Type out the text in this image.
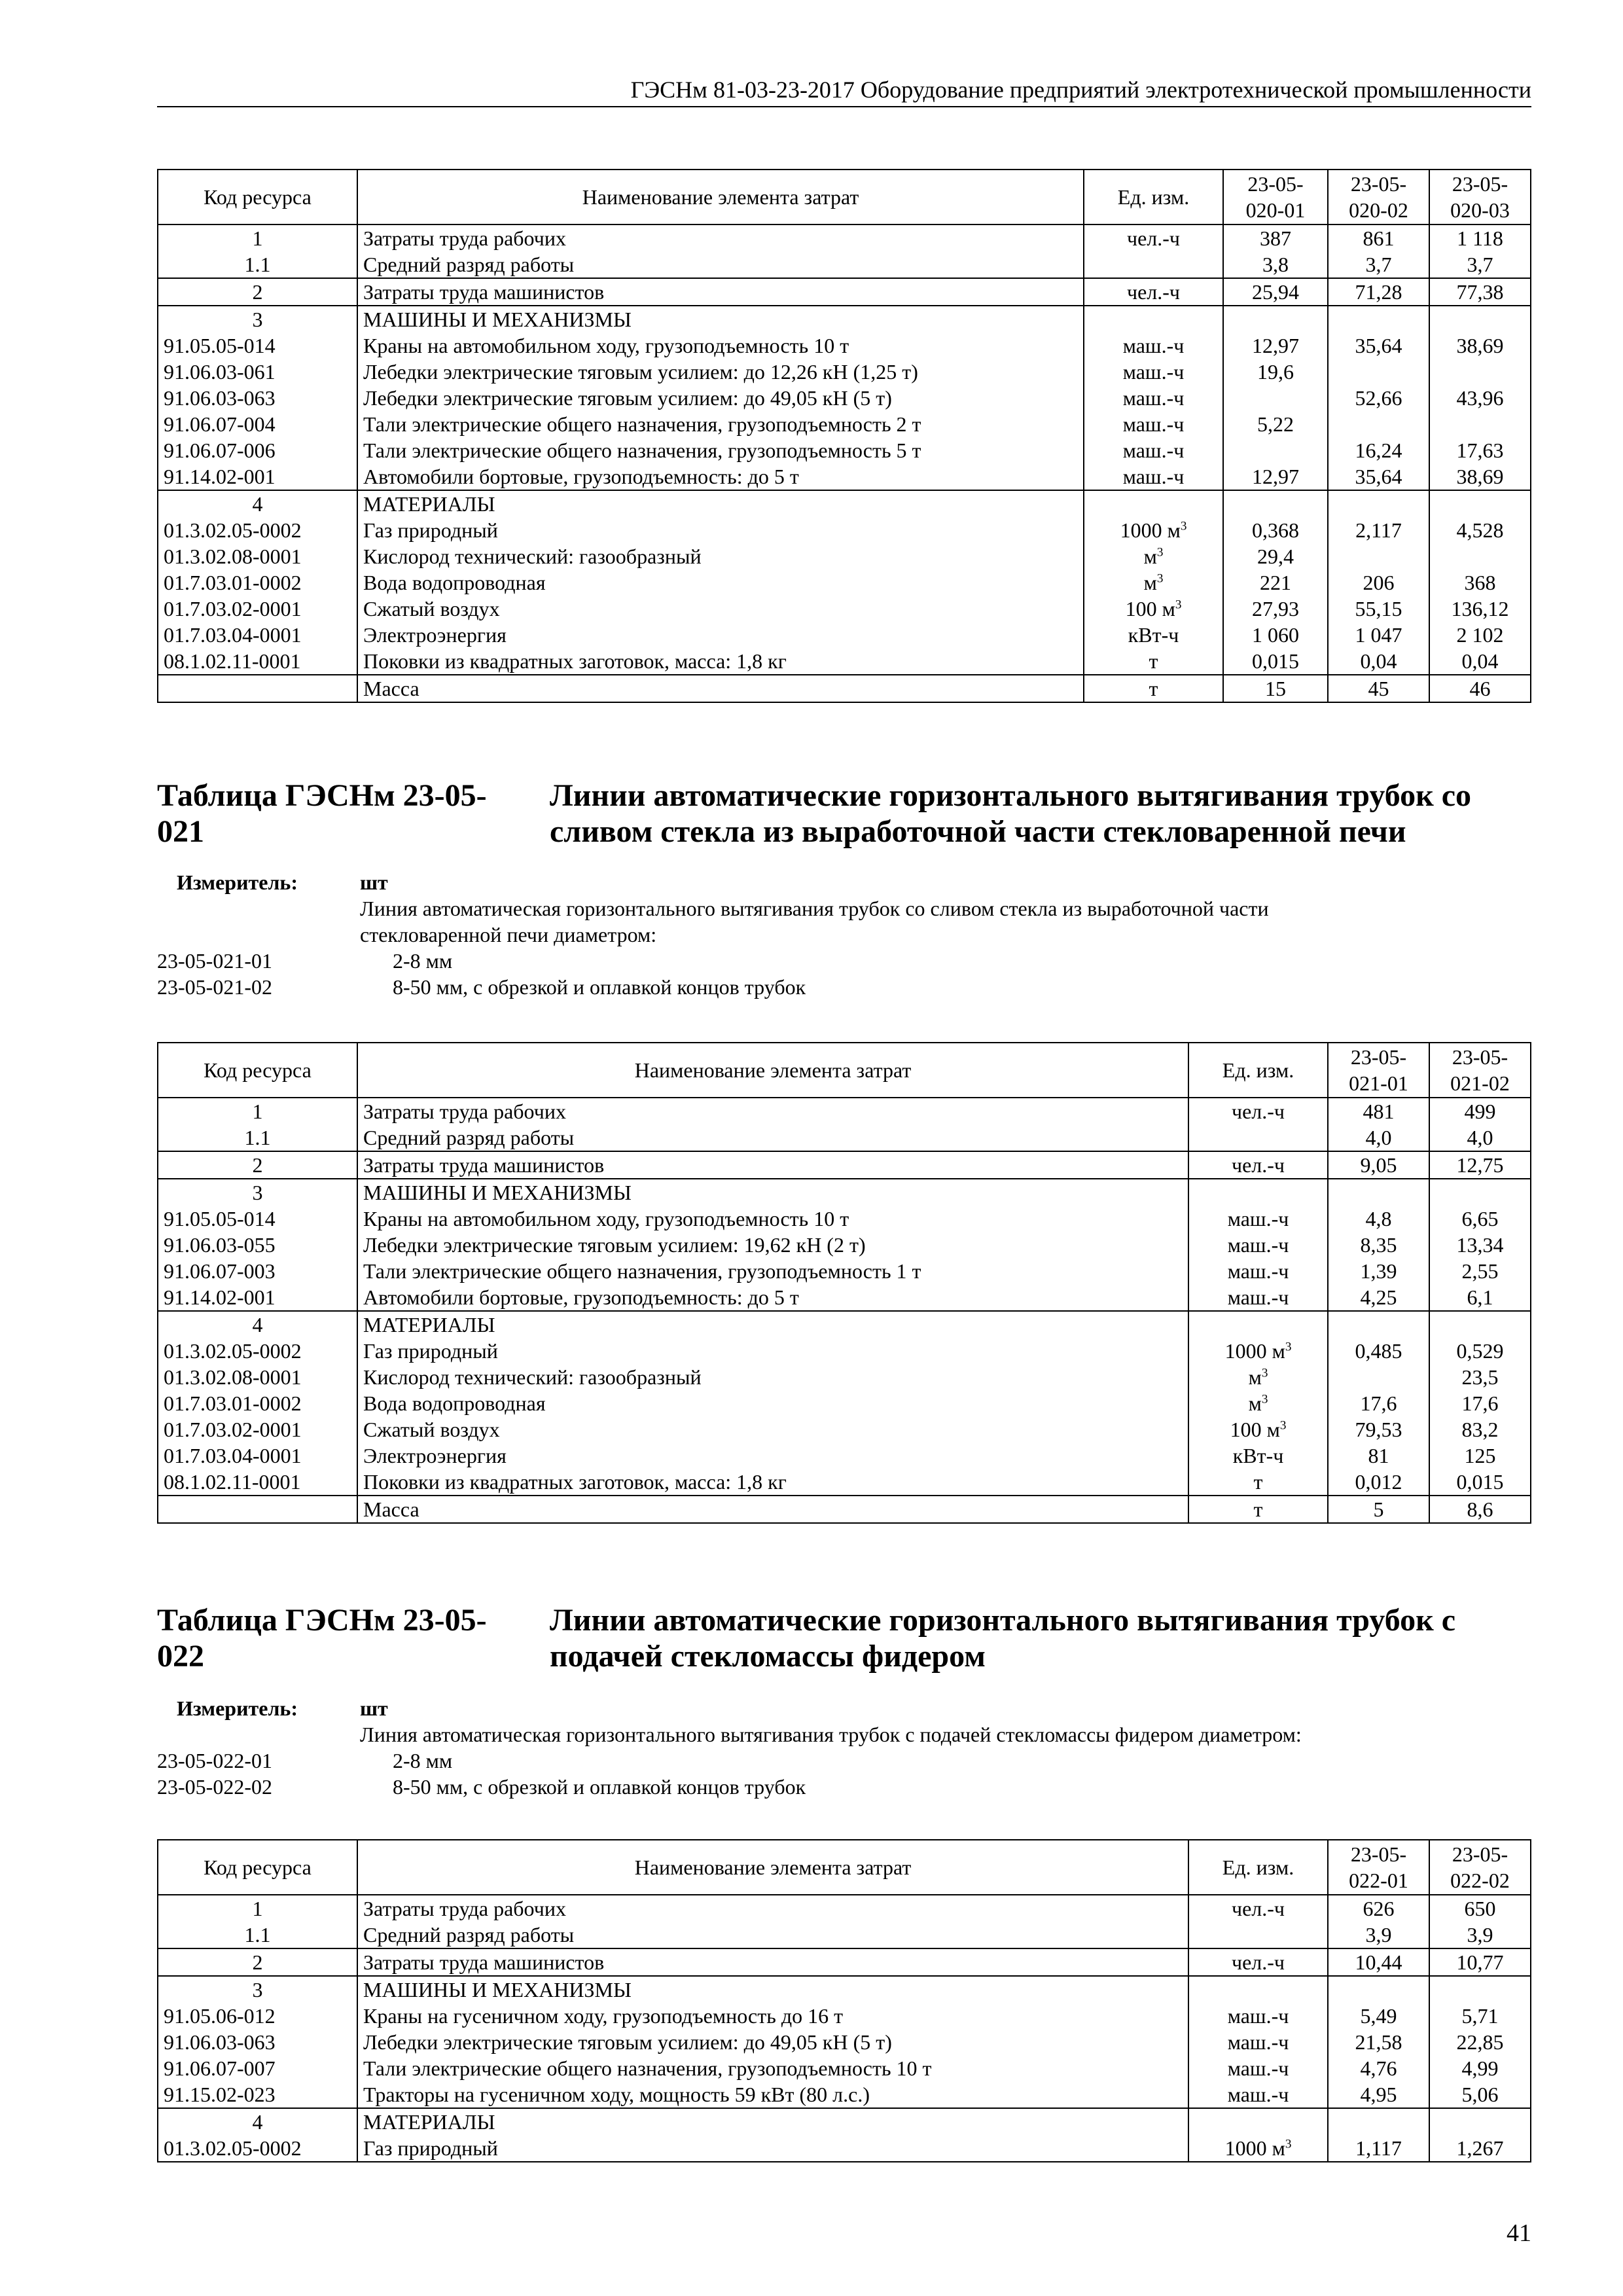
ГЭСНм 81-03-23-2017 Оборудование предприятий электротехнической промышленности
Код ресурса	Наименование элемента затрат	Ед. изм.	23-05-020-01	23-05-020-02	23-05-020-03
1	Затраты труда рабочих	чел.-ч	387	861	1 118
1.1	Средний разряд работы		3,8	3,7	3,7
2	Затраты труда машинистов	чел.-ч	25,94	71,28	77,38
3	МАШИНЫ И МЕХАНИЗМЫ				
91.05.05-014	Краны на автомобильном ходу, грузоподъемность 10 т	маш.-ч	12,97	35,64	38,69
91.06.03-061	Лебедки электрические тяговым усилием: до 12,26 кН (1,25 т)	маш.-ч	19,6		
91.06.03-063	Лебедки электрические тяговым усилием: до 49,05 кН (5 т)	маш.-ч		52,66	43,96
91.06.07-004	Тали электрические общего назначения, грузоподъемность 2 т	маш.-ч	5,22		
91.06.07-006	Тали электрические общего назначения, грузоподъемность 5 т	маш.-ч		16,24	17,63
91.14.02-001	Автомобили бортовые, грузоподъемность: до 5 т	маш.-ч	12,97	35,64	38,69
4	МАТЕРИАЛЫ				
01.3.02.05-0002	Газ природный	1000 $м^3$	0,368	2,117	4,528
01.3.02.08-0001	Кислород технический: газообразный	$м^3$	29,4		
01.7.03.01-0002	Вода водопроводная	$м^3$	221	206	368
01.7.03.02-0001	Сжатый воздух	100 $м^3$	27,93	55,15	136,12
01.7.03.04-0001	Электроэнергия	кВт-ч	1 060	1 047	2 102
08.1.02.11-0001	Поковки из квадратных заготовок, масса: 1,8 кг	т	0,015	0,04	0,04
	Масса	т	15	45	46
Таблица ГЭСНм 23-05-021
Линии автоматические горизонтального вытягивания трубок со сливом стекла из выработочной части стекловаренной печи
Измеритель:	шт
Линия автоматическая горизонтального вытягивания трубок со сливом стекла из выработочной части
стекловаренной печи диаметром:
23-05-021-01	2-8 мм
23-05-021-02	8-50 мм, с обрезкой и оплавкой концов трубок
Код ресурса	Наименование элемента затрат	Ед. изм.	23-05-021-01	23-05-021-02
1	Затраты труда рабочих	чел.-ч	481	499
1.1	Средний разряд работы		4,0	4,0
2	Затраты труда машинистов	чел.-ч	9,05	12,75
3	МАШИНЫ И МЕХАНИЗМЫ			
91.05.05-014	Краны на автомобильном ходу, грузоподъемность 10 т	маш.-ч	4,8	6,65
91.06.03-055	Лебедки электрические тяговым усилием: 19,62 кН (2 т)	маш.-ч	8,35	13,34
91.06.07-003	Тали электрические общего назначения, грузоподъемность 1 т	маш.-ч	1,39	2,55
91.14.02-001	Автомобили бортовые, грузоподъемность: до 5 т	маш.-ч	4,25	6,1
4	МАТЕРИАЛЫ			
01.3.02.05-0002	Газ природный	1000 $м^3$	0,485	0,529
01.3.02.08-0001	Кислород технический: газообразный	$м^3$		23,5
01.7.03.01-0002	Вода водопроводная	$м^3$	17,6	17,6
01.7.03.02-0001	Сжатый воздух	100 $м^3$	79,53	83,2
01.7.03.04-0001	Электроэнергия	кВт-ч	81	125
08.1.02.11-0001	Поковки из квадратных заготовок, масса: 1,8 кг	т	0,012	0,015
	Масса	т	5	8,6
Таблица ГЭСНм 23-05-022
Линии автоматические горизонтального вытягивания трубок с подачей стекломассы фидером
Измеритель:	шт
Линия автоматическая горизонтального вытягивания трубок с подачей стекломассы фидером диаметром:
23-05-022-01	2-8 мм
23-05-022-02	8-50 мм, с обрезкой и оплавкой концов трубок
Код ресурса	Наименование элемента затрат	Ед. изм.	23-05-022-01	23-05-022-02
1	Затраты труда рабочих	чел.-ч	626	650
1.1	Средний разряд работы		3,9	3,9
2	Затраты труда машинистов	чел.-ч	10,44	10,77
3	МАШИНЫ И МЕХАНИЗМЫ			
91.05.06-012	Краны на гусеничном ходу, грузоподъемность до 16 т	маш.-ч	5,49	5,71
91.06.03-063	Лебедки электрические тяговым усилием: до 49,05 кН (5 т)	маш.-ч	21,58	22,85
91.06.07-007	Тали электрические общего назначения, грузоподъемность 10 т	маш.-ч	4,76	4,99
91.15.02-023	Тракторы на гусеничном ходу, мощность 59 кВт (80 л.с.)	маш.-ч	4,95	5,06
4	МАТЕРИАЛЫ			
01.3.02.05-0002	Газ природный	1000 $м^3$	1,117	1,267
41
